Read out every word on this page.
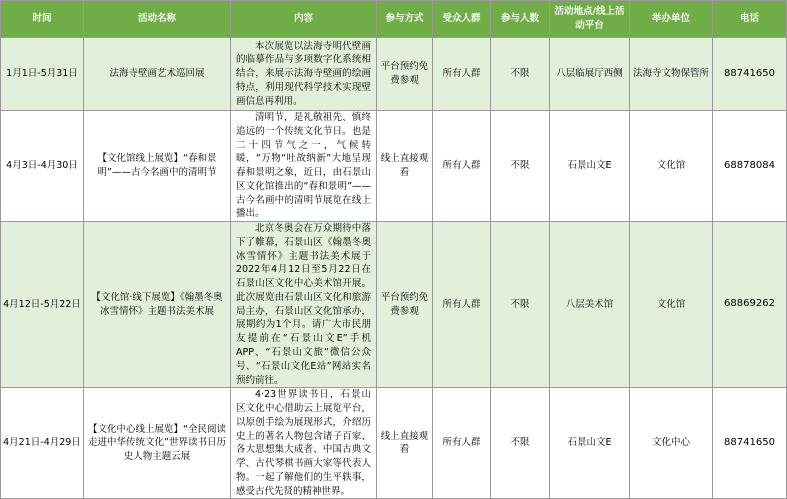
时间	活动名称	内容	参与方式	受众人群	参与人数	活动地点/线上活动平台	举办单位	电话
1月1日-5月31日	法海寺壁画艺术巡回展	本次展览以法海寺明代壁画的临摹作品与多项数字化系统相结合，来展示法海寺壁画的绘画特点，利用现代科学技术实现壁画信息再利用。	平台预约免费参观	所有人群	不限	八层临展厅西侧	法海寺文物保管所	88741650
4月3日-4月30日	【文化馆线上展览】“春和景明”——古今名画中的清明节	清明节，是礼敬祖先、慎终追远的一个传统文化节日。也是二十四节气之一，气候转暖，“万物“吐故纳新”大地呈现春和景明之象，近日，由石景山区文化馆推出的“春和景明”——古今名画中的清明节展览在线上播出。	线上直接观看	所有人群	不限	石景山文E	文化馆	68878084
4月12日-5月22日	【文化馆·线下展览】《翰墨冬奥 冰雪情怀》主题书法美术展	北京冬奥会在万众期待中落下了帷幕，石景山区《翰墨冬奥 冰雪情怀》主题书法美术展于2022年4月12日至5月22日在石景山区文化中心美术馆开展。此次展览由石景山区文化和旅游局主办，石景山区文化馆承办，展期约为1个月。请广大市民朋友提前在“石景山文E”手机APP、“石景山文旅”微信公众号、“石景山文化E站”网站实名预约前往。	平台预约免费参观	所有人群	不限	八层美术馆	文化馆	68869262
4月21日-4月29日	【文化中心线上展览】“全民阅读走进中华传统文化”世界读书日历史人物主题云展	4·23世界读书日，石景山区文化中心借助云上展览平台，以原创手绘为展现形式，介绍历史上的著名人物包含诸子百家、各大思想集大成者、中国古典文学、古代琴棋书画大家等代表人物。一起了解他们的生平轶事，感受古代先贤的精神世界。	线上直接观看	所有人群	不限	石景山文E	文化中心	88741650
